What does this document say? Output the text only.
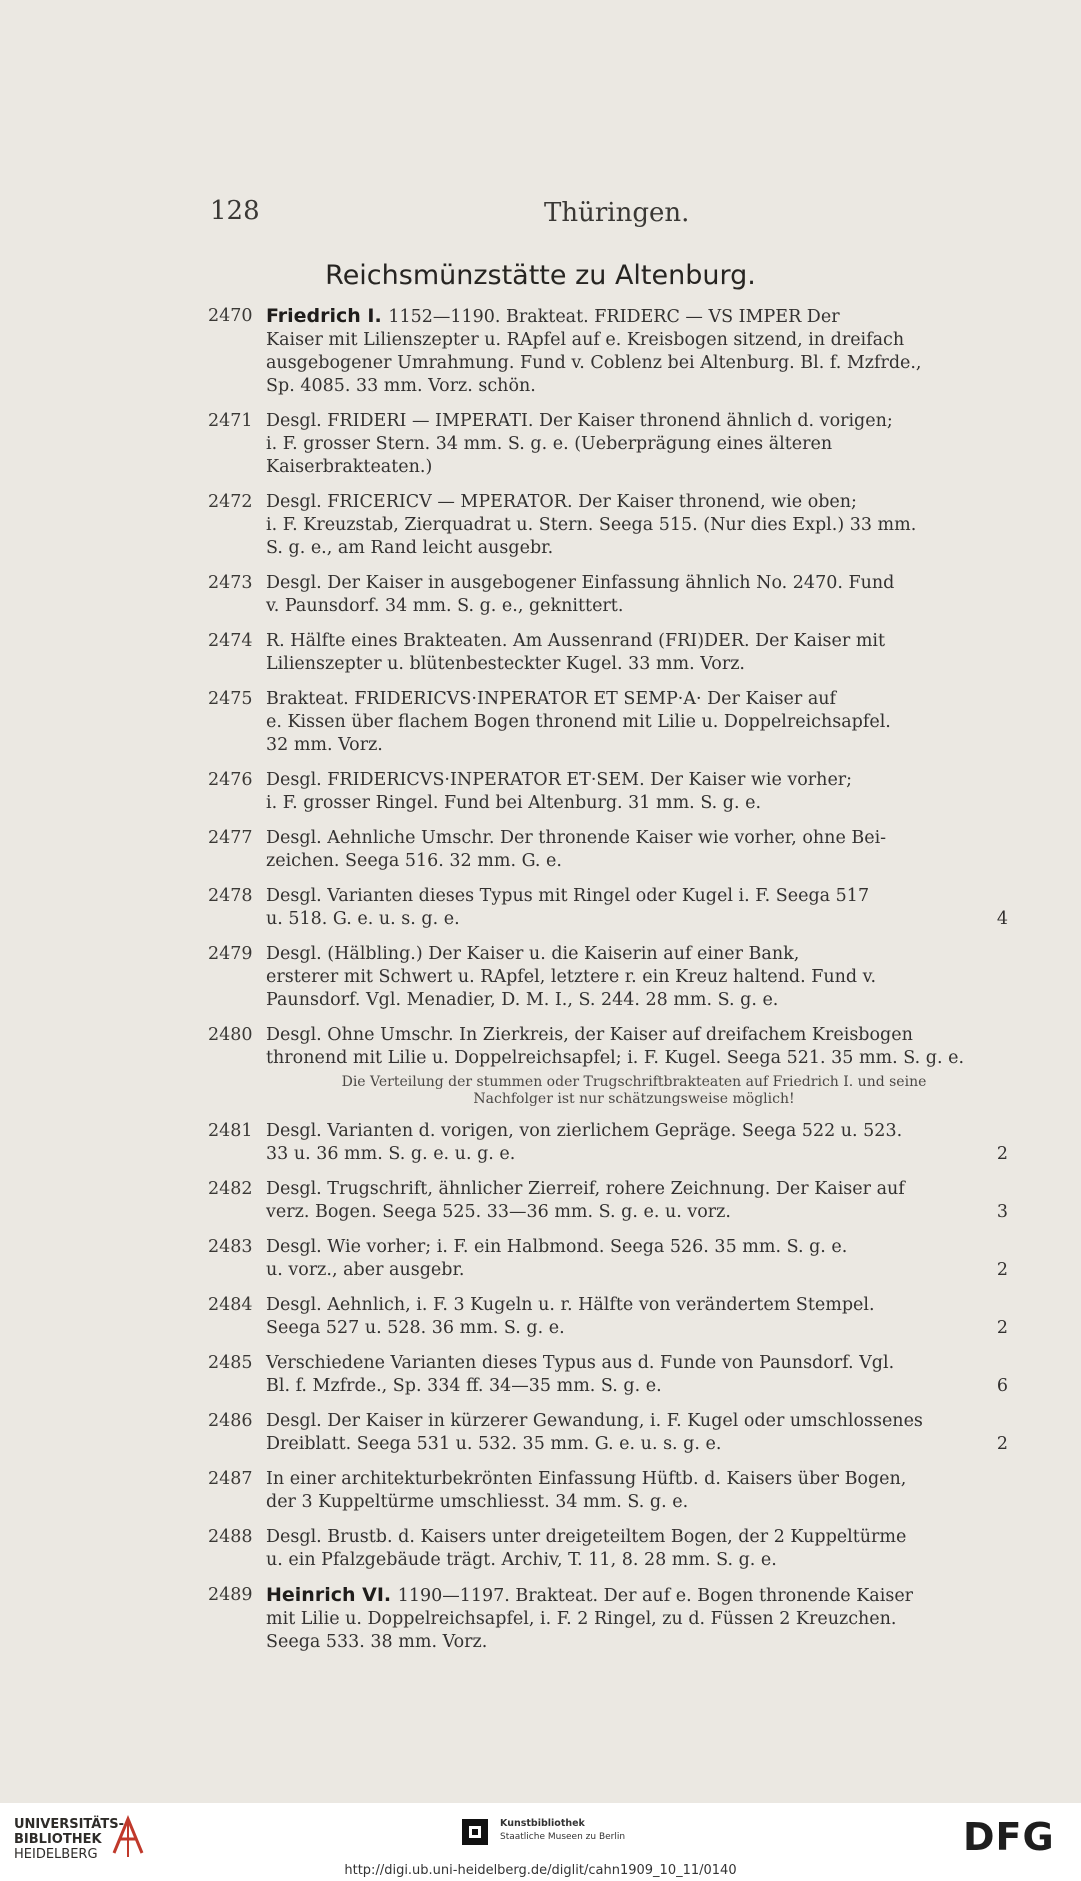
128	Thüringen.
Reichsmünzstätte zu Altenburg.
2470 Friedrich I. 1152—1190. Brakteat. FRIDERC — VS IMPER Der
Kaiser mit Lilienszepter u. RApfel auf e. Kreisbogen sitzend, in dreifach
ausgebogener Umrahmung. Fund v. Coblenz bei Altenburg. Bl. f. Mzfrde.,
Sp. 4085. 33 mm. Vorz. schön.
2471 Desgl. FRIDERI — IMPERATI. Der Kaiser thronend ähnlich d. vorigen;
i. F. grosser Stern. 34 mm. S. g. e. (Ueberprägung eines älteren
Kaiserbrakteaten.)
2472 Desgl. FRICERICV — MPERATOR. Der Kaiser thronend, wie oben;
i. F. Kreuzstab, Zierquadrat u. Stern. Seega 515. (Nur dies Expl.) 33 mm.
S. g. e., am Rand leicht ausgebr.
2473 Desgl. Der Kaiser in ausgebogener Einfassung ähnlich No. 2470. Fund
v. Paunsdorf. 34 mm. S. g. e., geknittert.
2474 R. Hälfte eines Brakteaten. Am Aussenrand (FRI)DER. Der Kaiser mit
Lilienszepter u. blütenbesteckter Kugel. 33 mm. Vorz.
2475 Brakteat. FRIDERICVS·INPERATOR ET SEMP·A· Der Kaiser auf
e. Kissen über flachem Bogen thronend mit Lilie u. Doppelreichsapfel.
32 mm. Vorz.
2476 Desgl. FRIDERICVS·INPERATOR ET·SEM. Der Kaiser wie vorher;
i. F. grosser Ringel. Fund bei Altenburg. 31 mm. S. g. e.
2477 Desgl. Aehnliche Umschr. Der thronende Kaiser wie vorher, ohne Bei-
zeichen. Seega 516. 32 mm. G. e.
2478 Desgl. Varianten dieses Typus mit Ringel oder Kugel i. F. Seega 517
u. 518. G. e. u. s. g. e.	4
2479 Desgl. (Hälbling.) Der Kaiser u. die Kaiserin auf einer Bank,
ersterer mit Schwert u. RApfel, letztere r. ein Kreuz haltend. Fund v.
Paunsdorf. Vgl. Menadier, D. M. I., S. 244. 28 mm. S. g. e.
2480 Desgl. Ohne Umschr. In Zierkreis, der Kaiser auf dreifachem Kreisbogen
thronend mit Lilie u. Doppelreichsapfel; i. F. Kugel. Seega 521. 35 mm. S. g. e.
Die Verteilung der stummen oder Trugschriftbrakteaten auf Friedrich I. und seine Nachfolger ist nur schätzungsweise möglich!
2481 Desgl. Varianten d. vorigen, von zierlichem Gepräge. Seega 522 u. 523.
33 u. 36 mm. S. g. e. u. g. e.	2
2482 Desgl. Trugschrift, ähnlicher Zierreif, rohere Zeichnung. Der Kaiser auf
verz. Bogen. Seega 525. 33—36 mm. S. g. e. u. vorz.	3
2483 Desgl. Wie vorher; i. F. ein Halbmond. Seega 526. 35 mm. S. g. e.
u. vorz., aber ausgebr.	2
2484 Desgl. Aehnlich, i. F. 3 Kugeln u. r. Hälfte von verändertem Stempel.
Seega 527 u. 528. 36 mm. S. g. e.	2
2485 Verschiedene Varianten dieses Typus aus d. Funde von Paunsdorf. Vgl.
Bl. f. Mzfrde., Sp. 334 ff. 34—35 mm. S. g. e.	6
2486 Desgl. Der Kaiser in kürzerer Gewandung, i. F. Kugel oder umschlossenes
Dreiblatt. Seega 531 u. 532. 35 mm. G. e. u. s. g. e.	2
2487 In einer architekturbekrönten Einfassung Hüftb. d. Kaisers über Bogen,
der 3 Kuppeltürme umschliesst. 34 mm. S. g. e.
2488 Desgl. Brustb. d. Kaisers unter dreigeteiltem Bogen, der 2 Kuppeltürme
u. ein Pfalzgebäude trägt. Archiv, T. 11, 8. 28 mm. S. g. e.
2489 Heinrich VI. 1190—1197. Brakteat. Der auf e. Bogen thronende Kaiser
mit Lilie u. Doppelreichsapfel, i. F. 2 Ringel, zu d. Füssen 2 Kreuzchen.
Seega 533. 38 mm. Vorz.
UNIVERSITÄTS-
BIBLIOTHEK
HEIDELBERG
Kunstbibliothek
Staatliche Museen zu Berlin	DFG
http://digi.ub.uni-heidelberg.de/diglit/cahn1909_10_11/0140
